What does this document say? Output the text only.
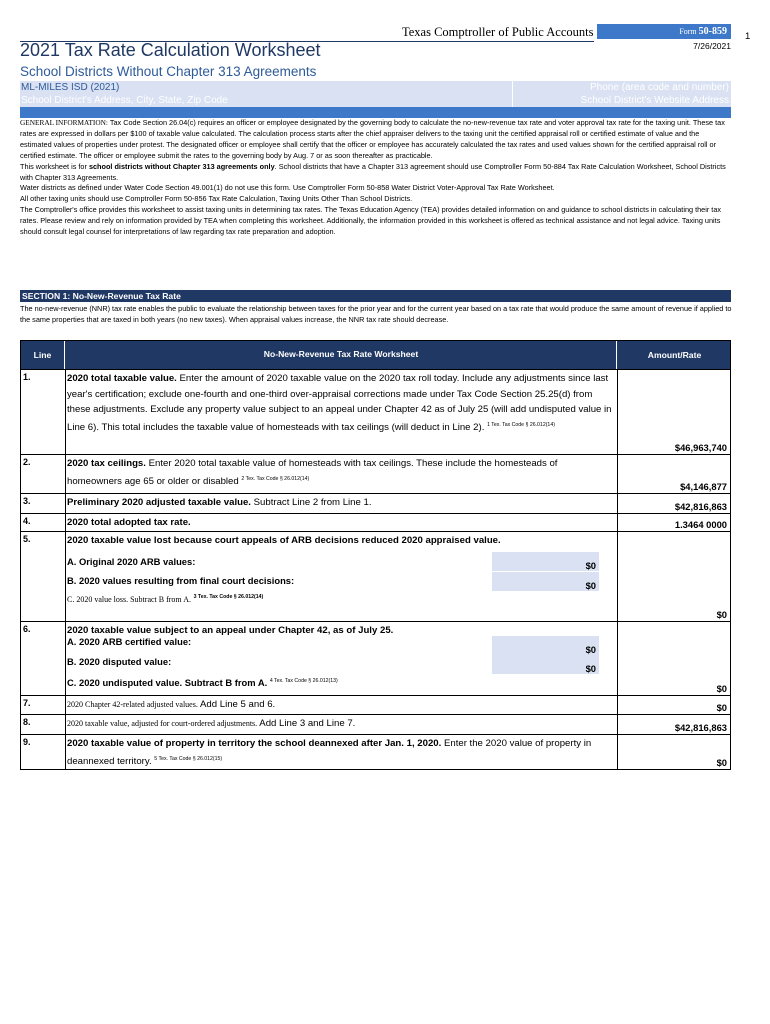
Texas Comptroller of Public Accounts	Form 50-859
7/26/2021
1
2021 Tax Rate Calculation Worksheet
School Districts Without Chapter 313 Agreements
ML-MILES ISD (2021)	Phone (area code and number)
School District's Address, City, State, Zip Code	School District's Website Address

GENERAL INFORMATION: Tax Code Section 26.04(c) requires an officer or employee designated by the governing body to calculate the no-new-revenue tax rate and voter approval tax rate for the taxing unit. These tax rates are expressed in dollars per $100 of taxable value calculated. The calculation process starts after the chief appraiser delivers to the taxing unit the certified appraisal roll or certified estimate of value and the estimated values of properties under protest. The designated officer or employee shall certify that the officer or employee has accurately calculated the tax rates and used values shown for the certified appraisal roll or certified estimate. The officer or employee submit the rates to the governing body by Aug. 7 or as soon thereafter as practicable.

This worksheet is for school districts without Chapter 313 agreements only. School districts that have a Chapter 313 agreement should use Comptroller Form 50-884 Tax Rate Calculation Worksheet, School Districts with Chapter 313 Agreements.

Water districts as defined under Water Code Section 49.001(1) do not use this form. Use Comptroller Form 50-858 Water District Voter-Approval Tax Rate Worksheet.

All other taxing units should use Comptroller Form 50-856 Tax Rate Calculation, Taxing Units Other Than School Districts.

The Comptroller's office provides this worksheet to assist taxing units in determining tax rates. The Texas Education Agency (TEA) provides detailed information on and guidance to school districts in calculating their tax rates. Please review and rely on information provided by TEA when completing this worksheet. Additionally, the information provided in this worksheet is offered as technical assistance and not legal advice. Taxing units should consult legal counsel for interpretations of law regarding tax rate preparation and adoption.

SECTION 1: No-New-Revenue Tax Rate
The no-new-revenue (NNR) tax rate enables the public to evaluate the relationship between taxes for the prior year and for the current year based on a tax rate that would produce the same amount of revenue if applied to the same properties that are taxed in both years (no new taxes). When appraisal values increase, the NNR tax rate should decrease.
Line	No-New-Revenue Tax Rate Worksheet	Amount/Rate
1.	2020 total taxable value. Enter the amount of 2020 taxable value on the 2020 tax roll today. Include any adjustments since last year's certification; exclude one-fourth and one-third over-appraisal corrections made under Tax Code Section 25.25(d) from these adjustments. Exclude any property value subject to an appeal under Chapter 42 as of July 25 (will add undisputed value in Line 6). This total includes the taxable value of homesteads with tax ceilings (will deduct in Line 2). $^{1 Tex. Tax Code \S 26.012(14)}$
$46,963,740
2.	2020 tax ceilings. Enter 2020 total taxable value of homesteads with tax ceilings. These include the homesteads of homeowners age 65 or older or disabled $^{2 Tex. Tax Code \S 26.012(14)}$
$4,146,877
3.	Preliminary 2020 adjusted taxable value. Subtract Line 2 from Line 1.	$42,816,863
4.	2020 total adopted tax rate.	1.3464 0000
5.	2020 taxable value lost because court appeals of ARB decisions reduced 2020 appraised value.
A. Original 2020 ARB values:	$0
B. 2020 values resulting from final court decisions:	$0
C. 2020 value loss. Subtract B from A. $^{3 Tex. Tax Code \S 26.012(14)}$
$0
6.	2020 taxable value subject to an appeal under Chapter 42, as of July 25.
A. 2020 ARB certified value:
$0
B. 2020 disputed value:
$0
C. 2020 undisputed value. Subtract B from A. $^{4 Tex. Tax Code \S 26.012(13)}$
$0
7.	2020 Chapter 42-related adjusted values. Add Line 5 and 6.	$0
8.	2020 taxable value, adjusted for court-ordered adjustments. Add Line 3 and Line 7.	$42,816,863
9.	2020 taxable value of property in territory the school deannexed after Jan. 1, 2020. Enter the 2020 value of property in deannexed territory. $^{5 Tex. Tax Code \S 26.012(15)}$	$0
